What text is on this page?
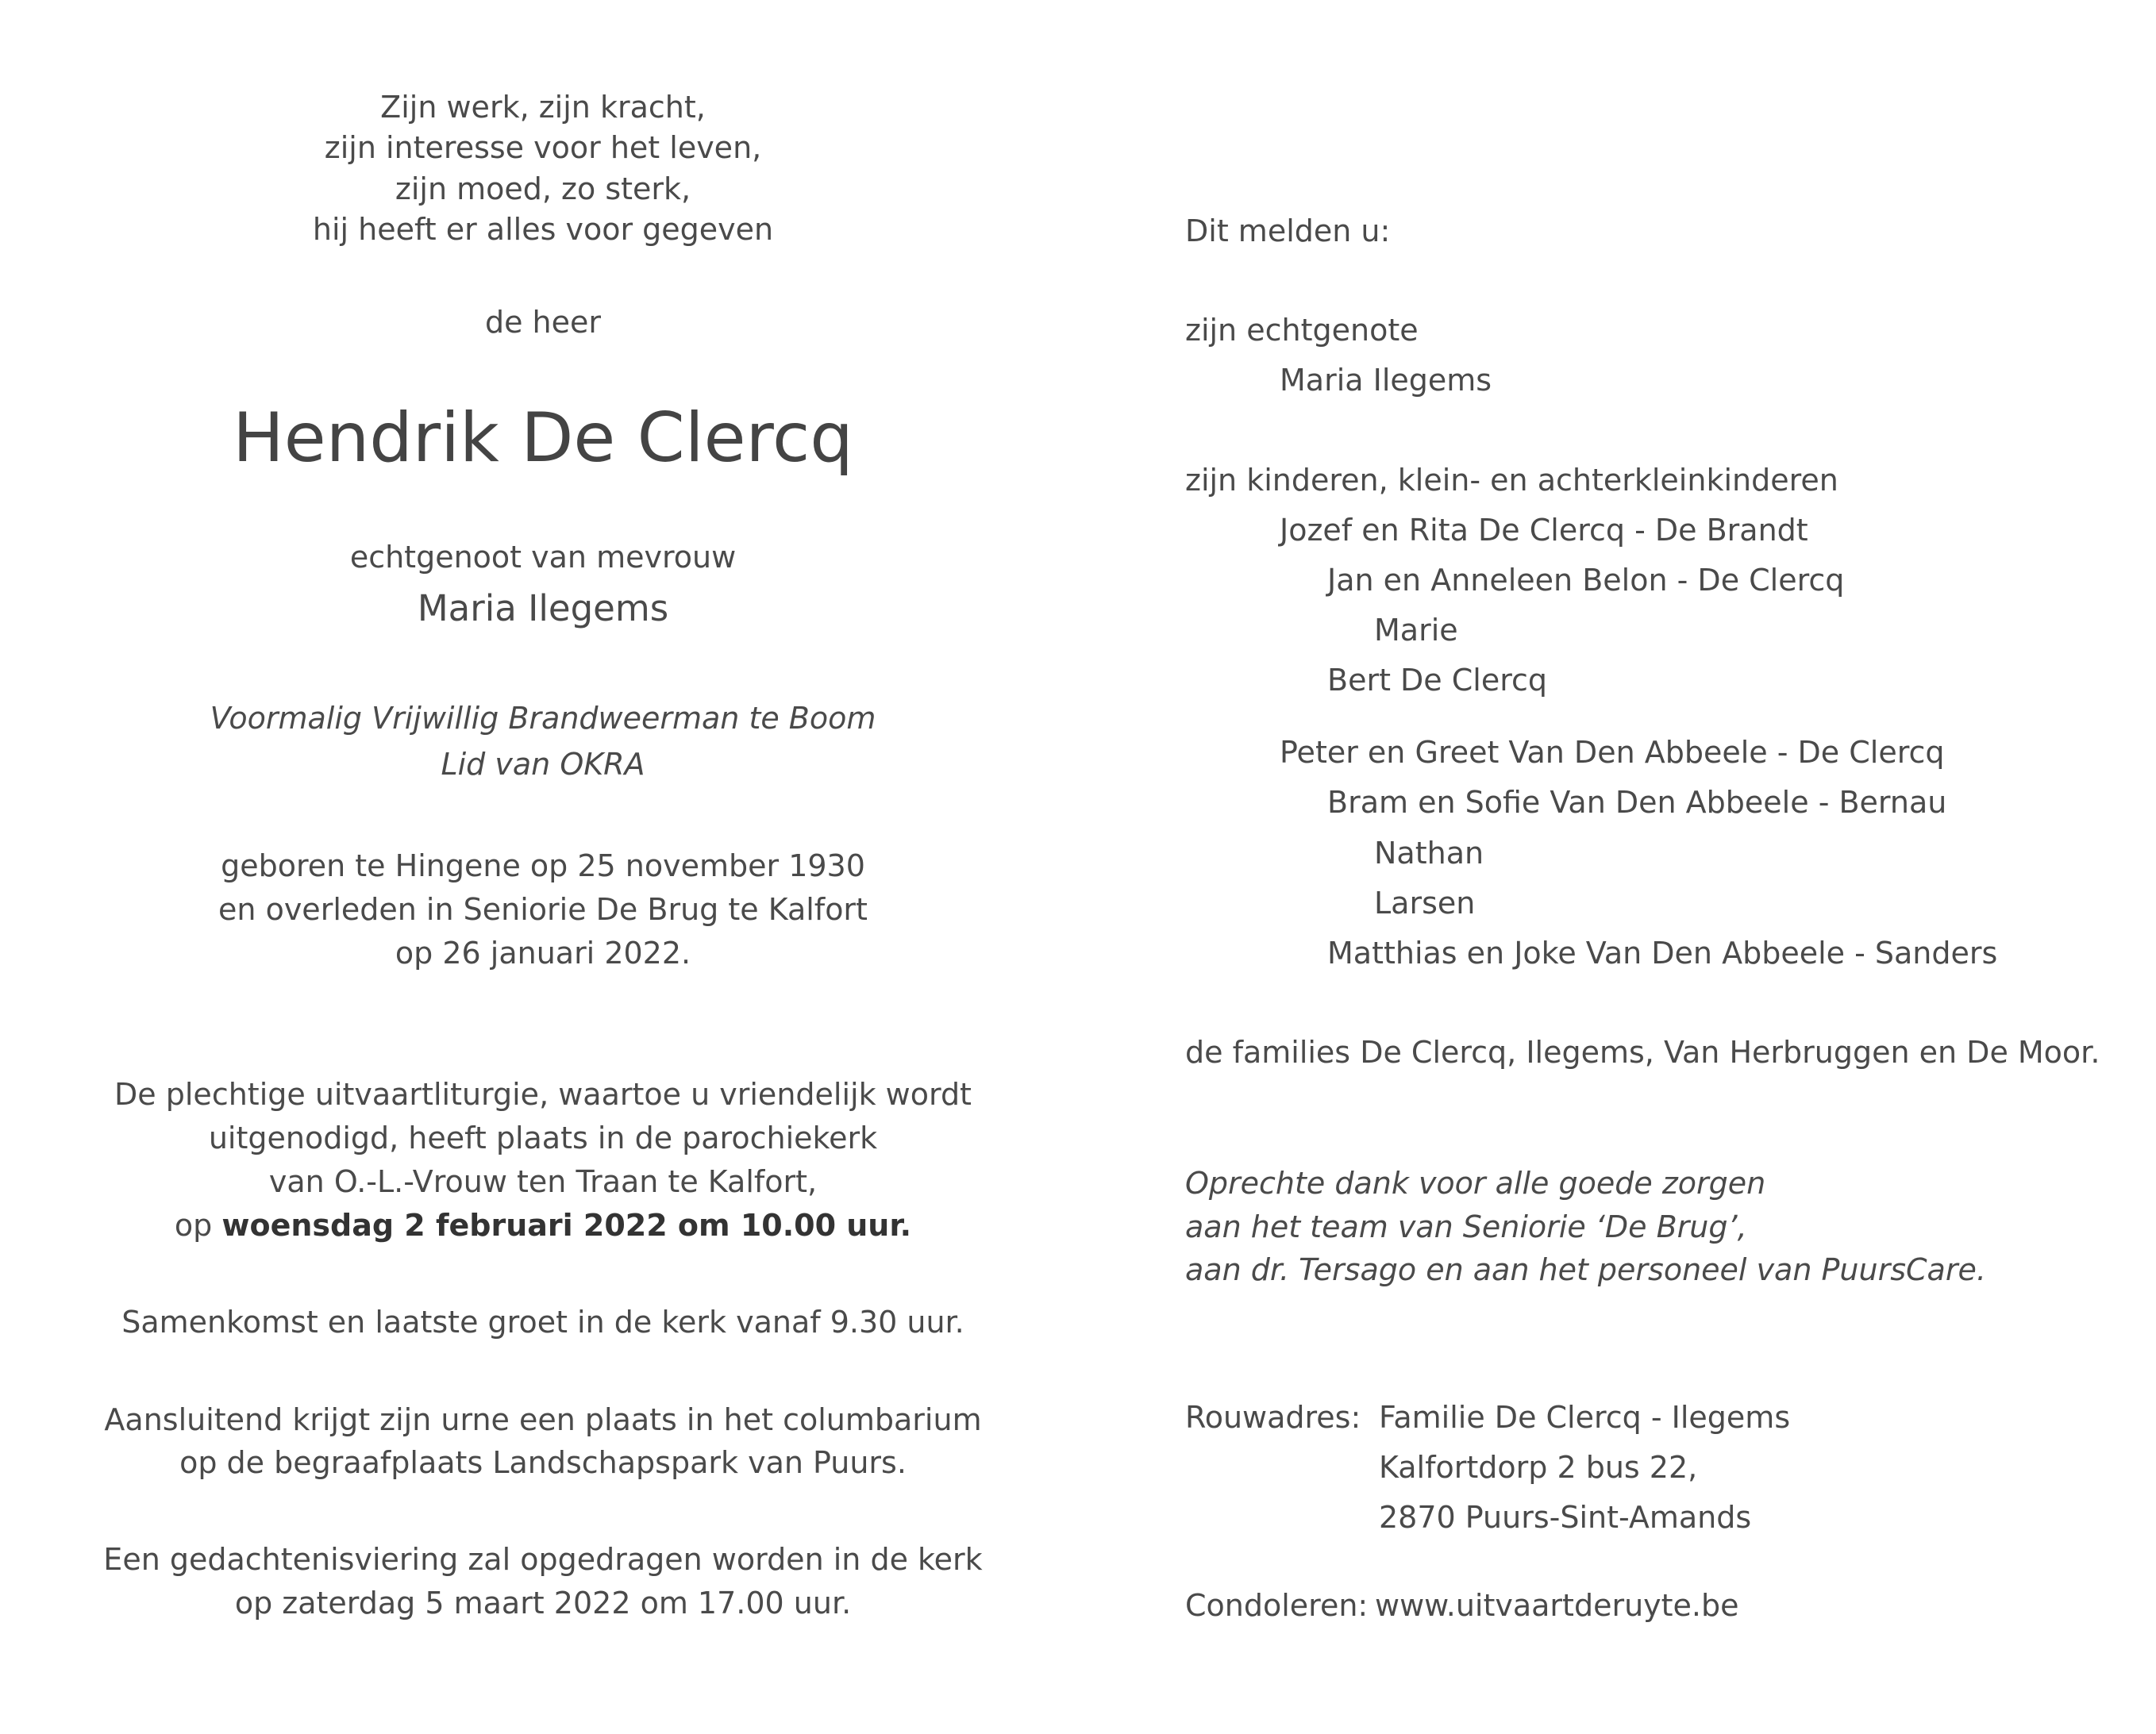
Zijn werk, zijn kracht,
zijn interesse voor het leven,
zijn moed, zo sterk,
hij heeft er alles voor gegeven
de heer
Hendrik De Clercq
echtgenoot van mevrouw
Maria Ilegems
Voormalig Vrijwillig Brandweerman te Boom
Lid van OKRA
geboren te Hingene op 25 november 1930
en overleden in Seniorie De Brug te Kalfort
op 26 januari 2022.
De plechtige uitvaartliturgie, waartoe u vriendelijk wordt
uitgenodigd, heeft plaats in de parochiekerk
van O.-L.-Vrouw ten Traan te Kalfort,
op woensdag 2 februari 2022 om 10.00 uur.
Samenkomst en laatste groet in de kerk vanaf 9.30 uur.
Aansluitend krijgt zijn urne een plaats in het columbarium
op de begraafplaats Landschapspark van Puurs.
Een gedachtenisviering zal opgedragen worden in de kerk
op zaterdag 5 maart 2022 om 17.00 uur.
Dit melden u:
zijn echtgenote
Maria Ilegems
zijn kinderen, klein- en achterkleinkinderen
Jozef en Rita De Clercq - De Brandt
Jan en Anneleen Belon - De Clercq
Marie
Bert De Clercq
Peter en Greet Van Den Abbeele - De Clercq
Bram en Sofie Van Den Abbeele - Bernau
Nathan
Larsen
Matthias en Joke Van Den Abbeele - Sanders
de families De Clercq, Ilegems, Van Herbruggen en De Moor.
Oprechte dank voor alle goede zorgen
aan het team van Seniorie ‘De Brug’,
aan dr. Tersago en aan het personeel van PuursCare.
Rouwadres: Familie De Clercq - Ilegems
Kalfortdorp 2 bus 22,
2870 Puurs-Sint-Amands
Condoleren: www.uitvaartderuyte.be
